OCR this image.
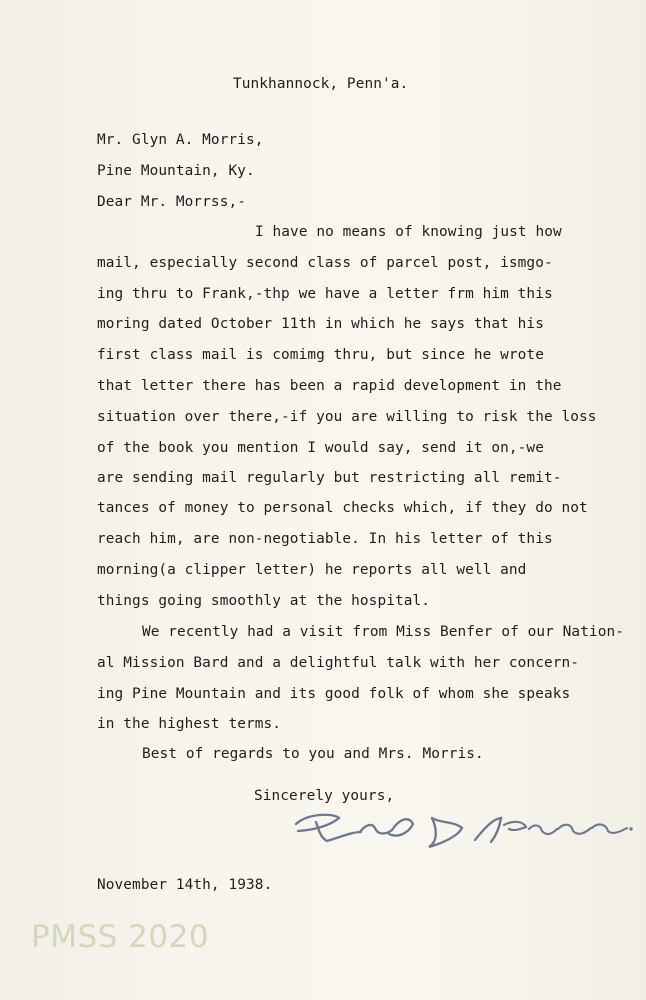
Tunkhannock, Penn'a.
Mr. Glyn A. Morris,
Pine Mountain, Ky.
Dear Mr. Morrss,-
I have no means of knowing just how
mail, especially second class of parcel post, ismgo-
ing thru to Frank,-thp we have a letter frm him this
moring dated October 11th in which he says that his
first class mail is comimg thru, but since he wrote
that letter there has been a rapid development in the
situation over there,-if you are willing to risk the loss
of the book you mention I would say, send it on,-we
are sending mail regularly but restricting all remit-
tances of money to personal checks which, if they do not
reach him, are non-negotiable. In his letter of this
morning(a clipper letter) he reports all well and
things going smoothly at the hospital.
We recently had a visit from Miss Benfer of our Nation-
al Mission Bard and a delightful talk with her concern-
ing Pine Mountain and its good folk of whom she speaks
in the highest terms.
Best of regards to you and Mrs. Morris.
Sincerely yours,
November 14th, 1938.
PMSS 2020
